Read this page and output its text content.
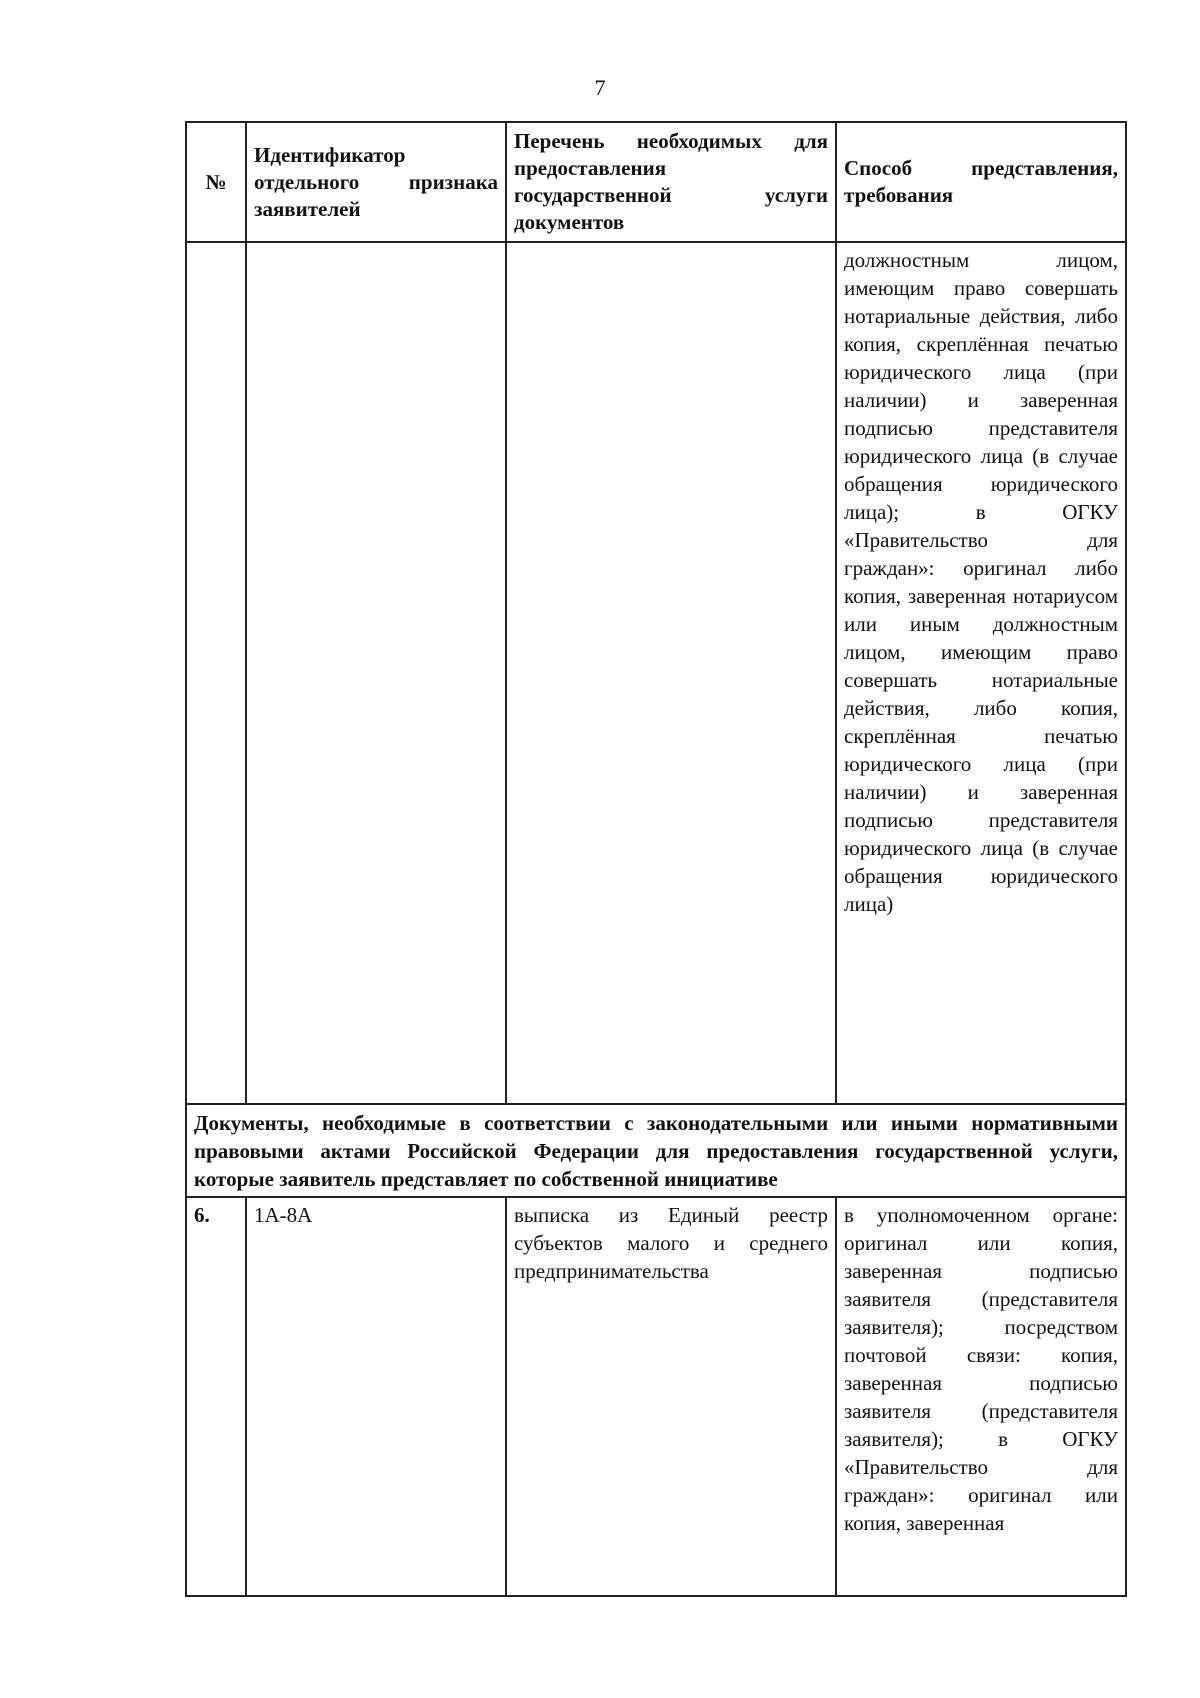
7
№	Идентификатор отдельного признака заявителей	Перечень необходимых для предоставления государственной услуги документов	Способ представления, требования
			должностным лицом, имеющим право совершать нотариальные действия, либо копия, скреплённая печатью юридического лица (при наличии) и заверенная подписью представителя юридического лица (в случае обращения юридического лица); в ОГКУ «Правительство для граждан»: оригинал либо копия, заверенная нотариусом или иным должностным лицом, имеющим право совершать нотариальные действия, либо копия, скреплённая печатью юридического лица (при наличии) и заверенная подписью представителя юридического лица (в случае обращения юридического лица)
Документы, необходимые в соответствии с законодательными или иными нормативными правовыми актами Российской Федерации для предоставления государственной услуги, которые заявитель представляет по собственной инициативе			
6.	1А-8А	выписка из Единый реестр субъектов малого и среднего предпринимательства	в уполномоченном органе: оригинал или копия, заверенная подписью заявителя (представителя заявителя); посредством почтовой связи: копия, заверенная подписью заявителя (представителя заявителя); в ОГКУ «Правительство для граждан»: оригинал или копия, заверенная
